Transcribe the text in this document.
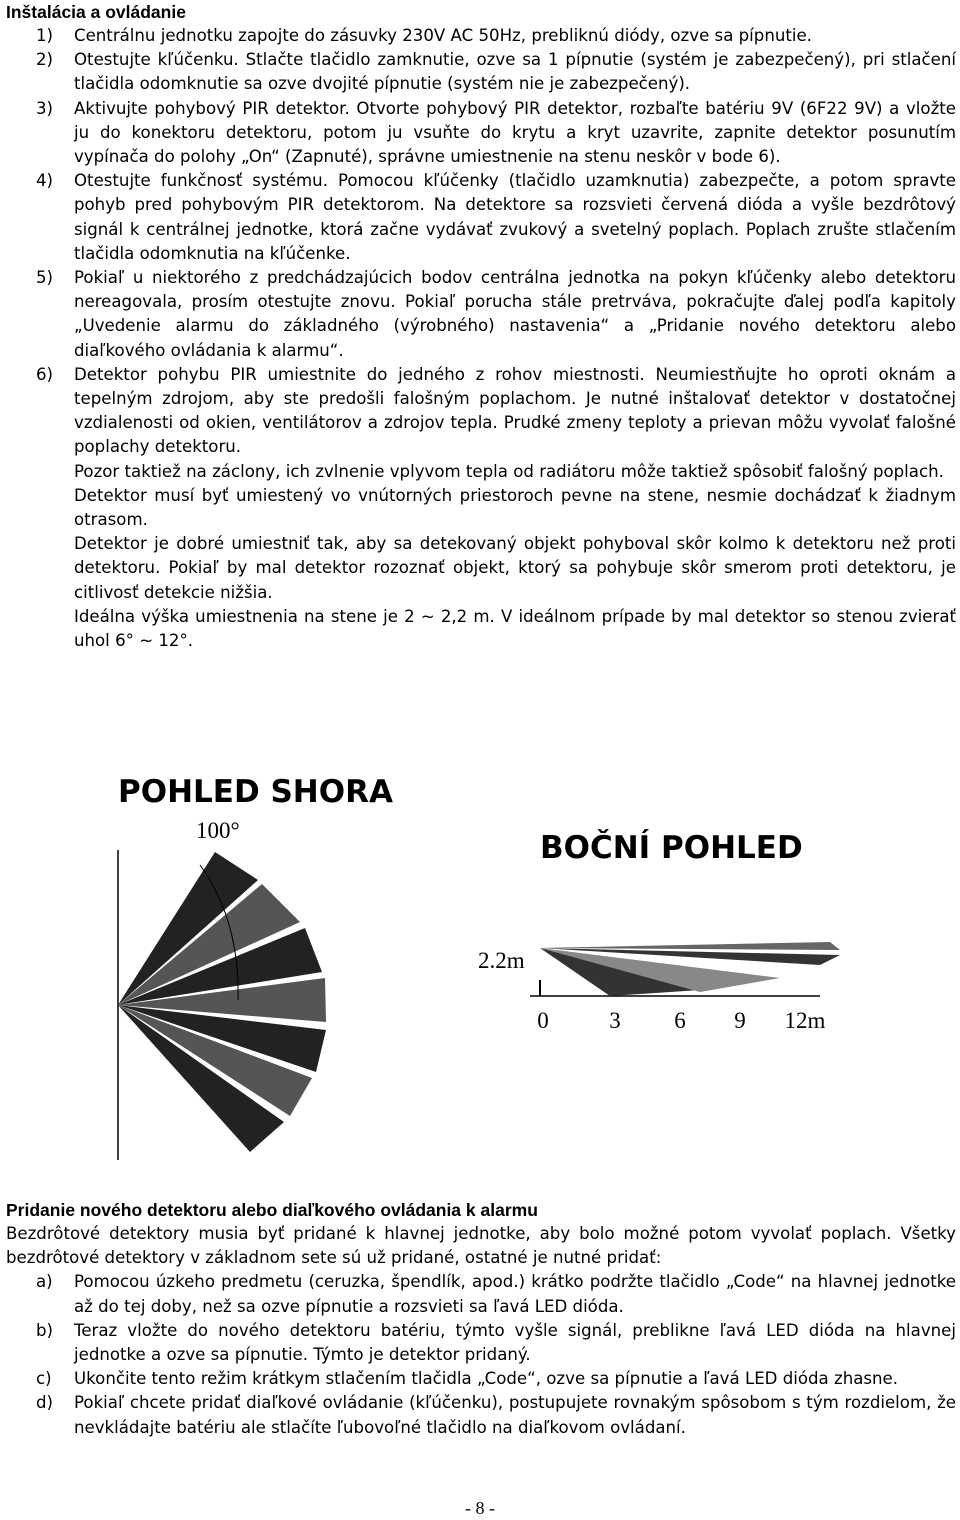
Inštalácia a ovládanie
1) Centrálnu jednotku zapojte do zásuvky 230V AC 50Hz, prebliknú diódy, ozve sa pípnutie.
2) Otestujte kľúčenku. Stlačte tlačidlo zamknutie, ozve sa 1 pípnutie (systém je zabezpečený), pri stlačení tlačidla odomknutie sa ozve dvojité pípnutie (systém nie je zabezpečený).
3) Aktivujte pohybový PIR detektor. Otvorte pohybový PIR detektor, rozbaľte batériu 9V (6F22 9V) a vložte ju do konektoru detektoru, potom ju vsuňte do krytu a kryt uzavrite, zapnite detektor posunutím vypínača do polohy „On“ (Zapnuté), správne umiestnenie na stenu neskôr v bode 6).
4) Otestujte funkčnosť systému. Pomocou kľúčenky (tlačidlo uzamknutia) zabezpečte, a potom spravte pohyb pred pohybovým PIR detektorom. Na detektore sa rozsvieti červená dióda a vyšle bezdrôtový signál k centrálnej jednotke, ktorá začne vydávať zvukový a svetelný poplach. Poplach zrušte stlačením tlačidla odomknutia na kľúčenke.
5) Pokiaľ u niektorého z predchádzajúcich bodov centrálna jednotka na pokyn kľúčenky alebo detektoru nereagovala, prosím otestujte znovu. Pokiaľ porucha stále pretrváva, pokračujte ďalej podľa kapitoly „Uvedenie alarmu do základného (výrobného) nastavenia“ a „Pridanie nového detektoru alebo diaľkového ovládania k alarmu“.
6) Detektor pohybu PIR umiestnite do jedného z rohov miestnosti. Neumiestňujte ho oproti oknám a tepelným zdrojom, aby ste predošli falošným poplachom. Je nutné inštalovať detektor v dostatočnej vzdialenosti od okien, ventilátorov a zdrojov tepla. Prudké zmeny teploty a prievan môžu vyvolať falošné poplachy detektoru.
Pozor taktiež na záclony, ich zvlnenie vplyvom tepla od radiátoru môže taktiež spôsobiť falošný poplach.
Detektor musí byť umiestený vo vnútorných priestoroch pevne na stene, nesmie dochádzať k žiadnym otrasom.
Detektor je dobré umiestniť tak, aby sa detekovaný objekt pohyboval skôr kolmo k detektoru než proti detektoru. Pokiaľ by mal detektor rozoznať objekt, ktorý sa pohybuje skôr smerom proti detektoru, je citlivosť detekcie nižšia.
Ideálna výška umiestnenia na stene je 2 ~ 2,2 m. V ideálnom prípade by mal detektor so stenou zvierať uhol 6° ~ 12°.
POHLED SHORA
100°	BOČNÍ POHLED
2.2m
0	3 6 9 12m
Pridanie nového detektoru alebo diaľkového ovládania k alarmu
Bezdrôtové detektory musia byť pridané k hlavnej jednotke, aby bolo možné potom vyvolať poplach. Všetky bezdrôtové detektory v základnom sete sú už pridané, ostatné je nutné pridať:
a) Pomocou úzkeho predmetu (ceruzka, špendlík, apod.) krátko podržte tlačidlo „Code“ na hlavnej jednotke až do tej doby, než sa ozve pípnutie a rozsvieti sa ľavá LED dióda.
b) Teraz vložte do nového detektoru batériu, týmto vyšle signál, preblikne ľavá LED dióda na hlavnej jednotke a ozve sa pípnutie. Týmto je detektor pridaný.
c) Ukončite tento režim krátkym stlačením tlačidla „Code“, ozve sa pípnutie a ľavá LED dióda zhasne.
d) Pokiaľ chcete pridať diaľkové ovládanie (kľúčenku), postupujete rovnakým spôsobom s tým rozdielom, že nevkládajte batériu ale stlačíte ľubovoľné tlačidlo na diaľkovom ovládaní.
- 8 -
